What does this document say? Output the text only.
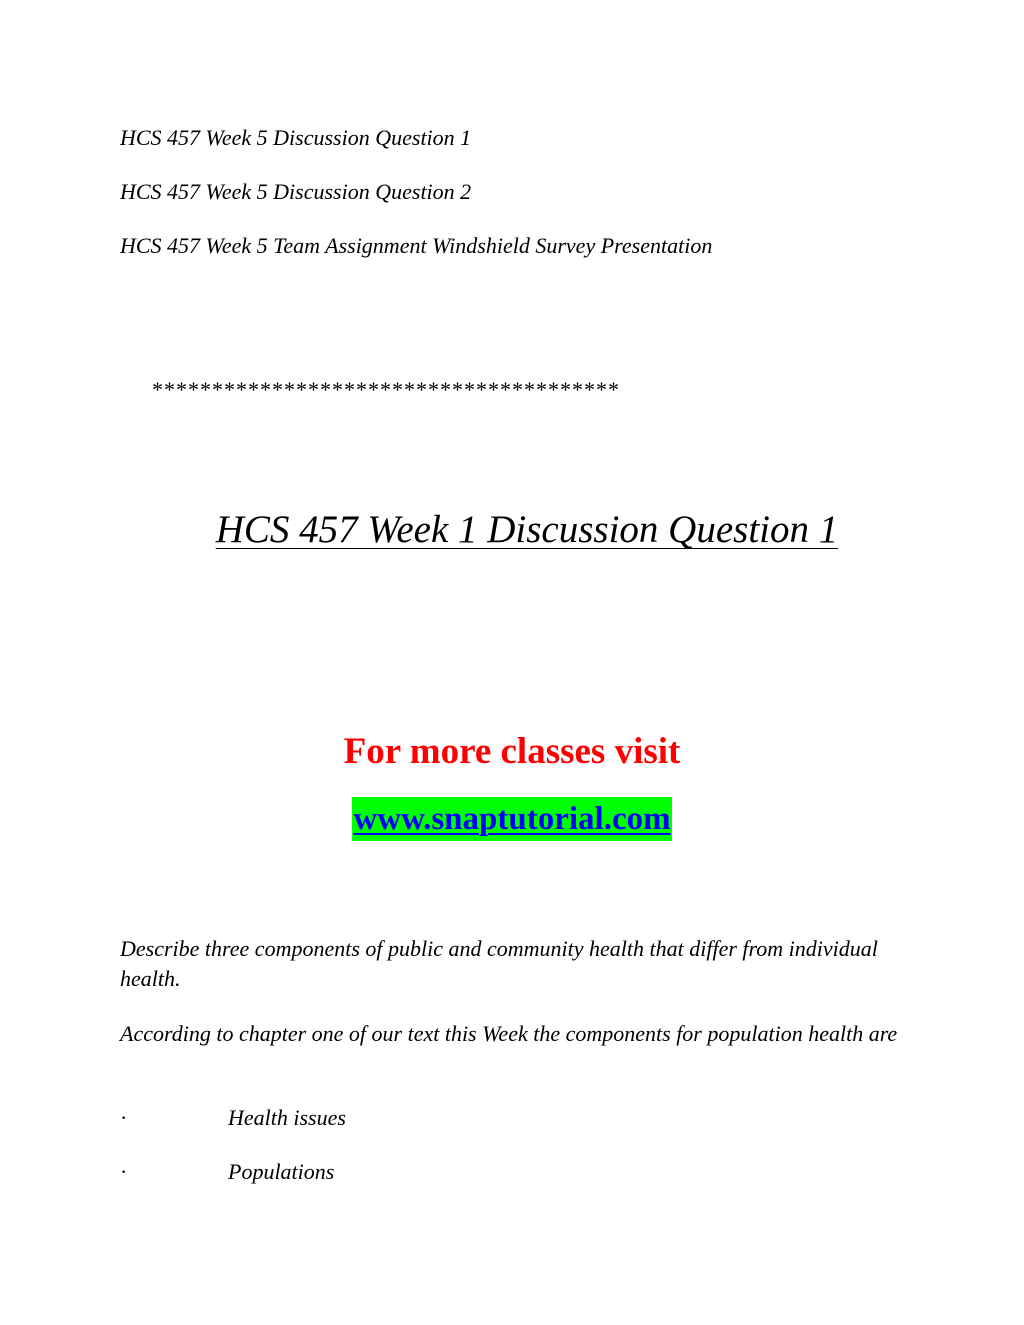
HCS 457 Week 5 Discussion Question 1
HCS 457 Week 5 Discussion Question 2
HCS 457 Week 5 Team Assignment Windshield Survey Presentation
***************************************
HCS 457 Week 1 Discussion Question 1
For more classes visit
www.snaptutorial.com
Describe three components of public and community health that differ from individual health.
According to chapter one of our text this Week the components for population health are
·	Health issues
·	Populations
